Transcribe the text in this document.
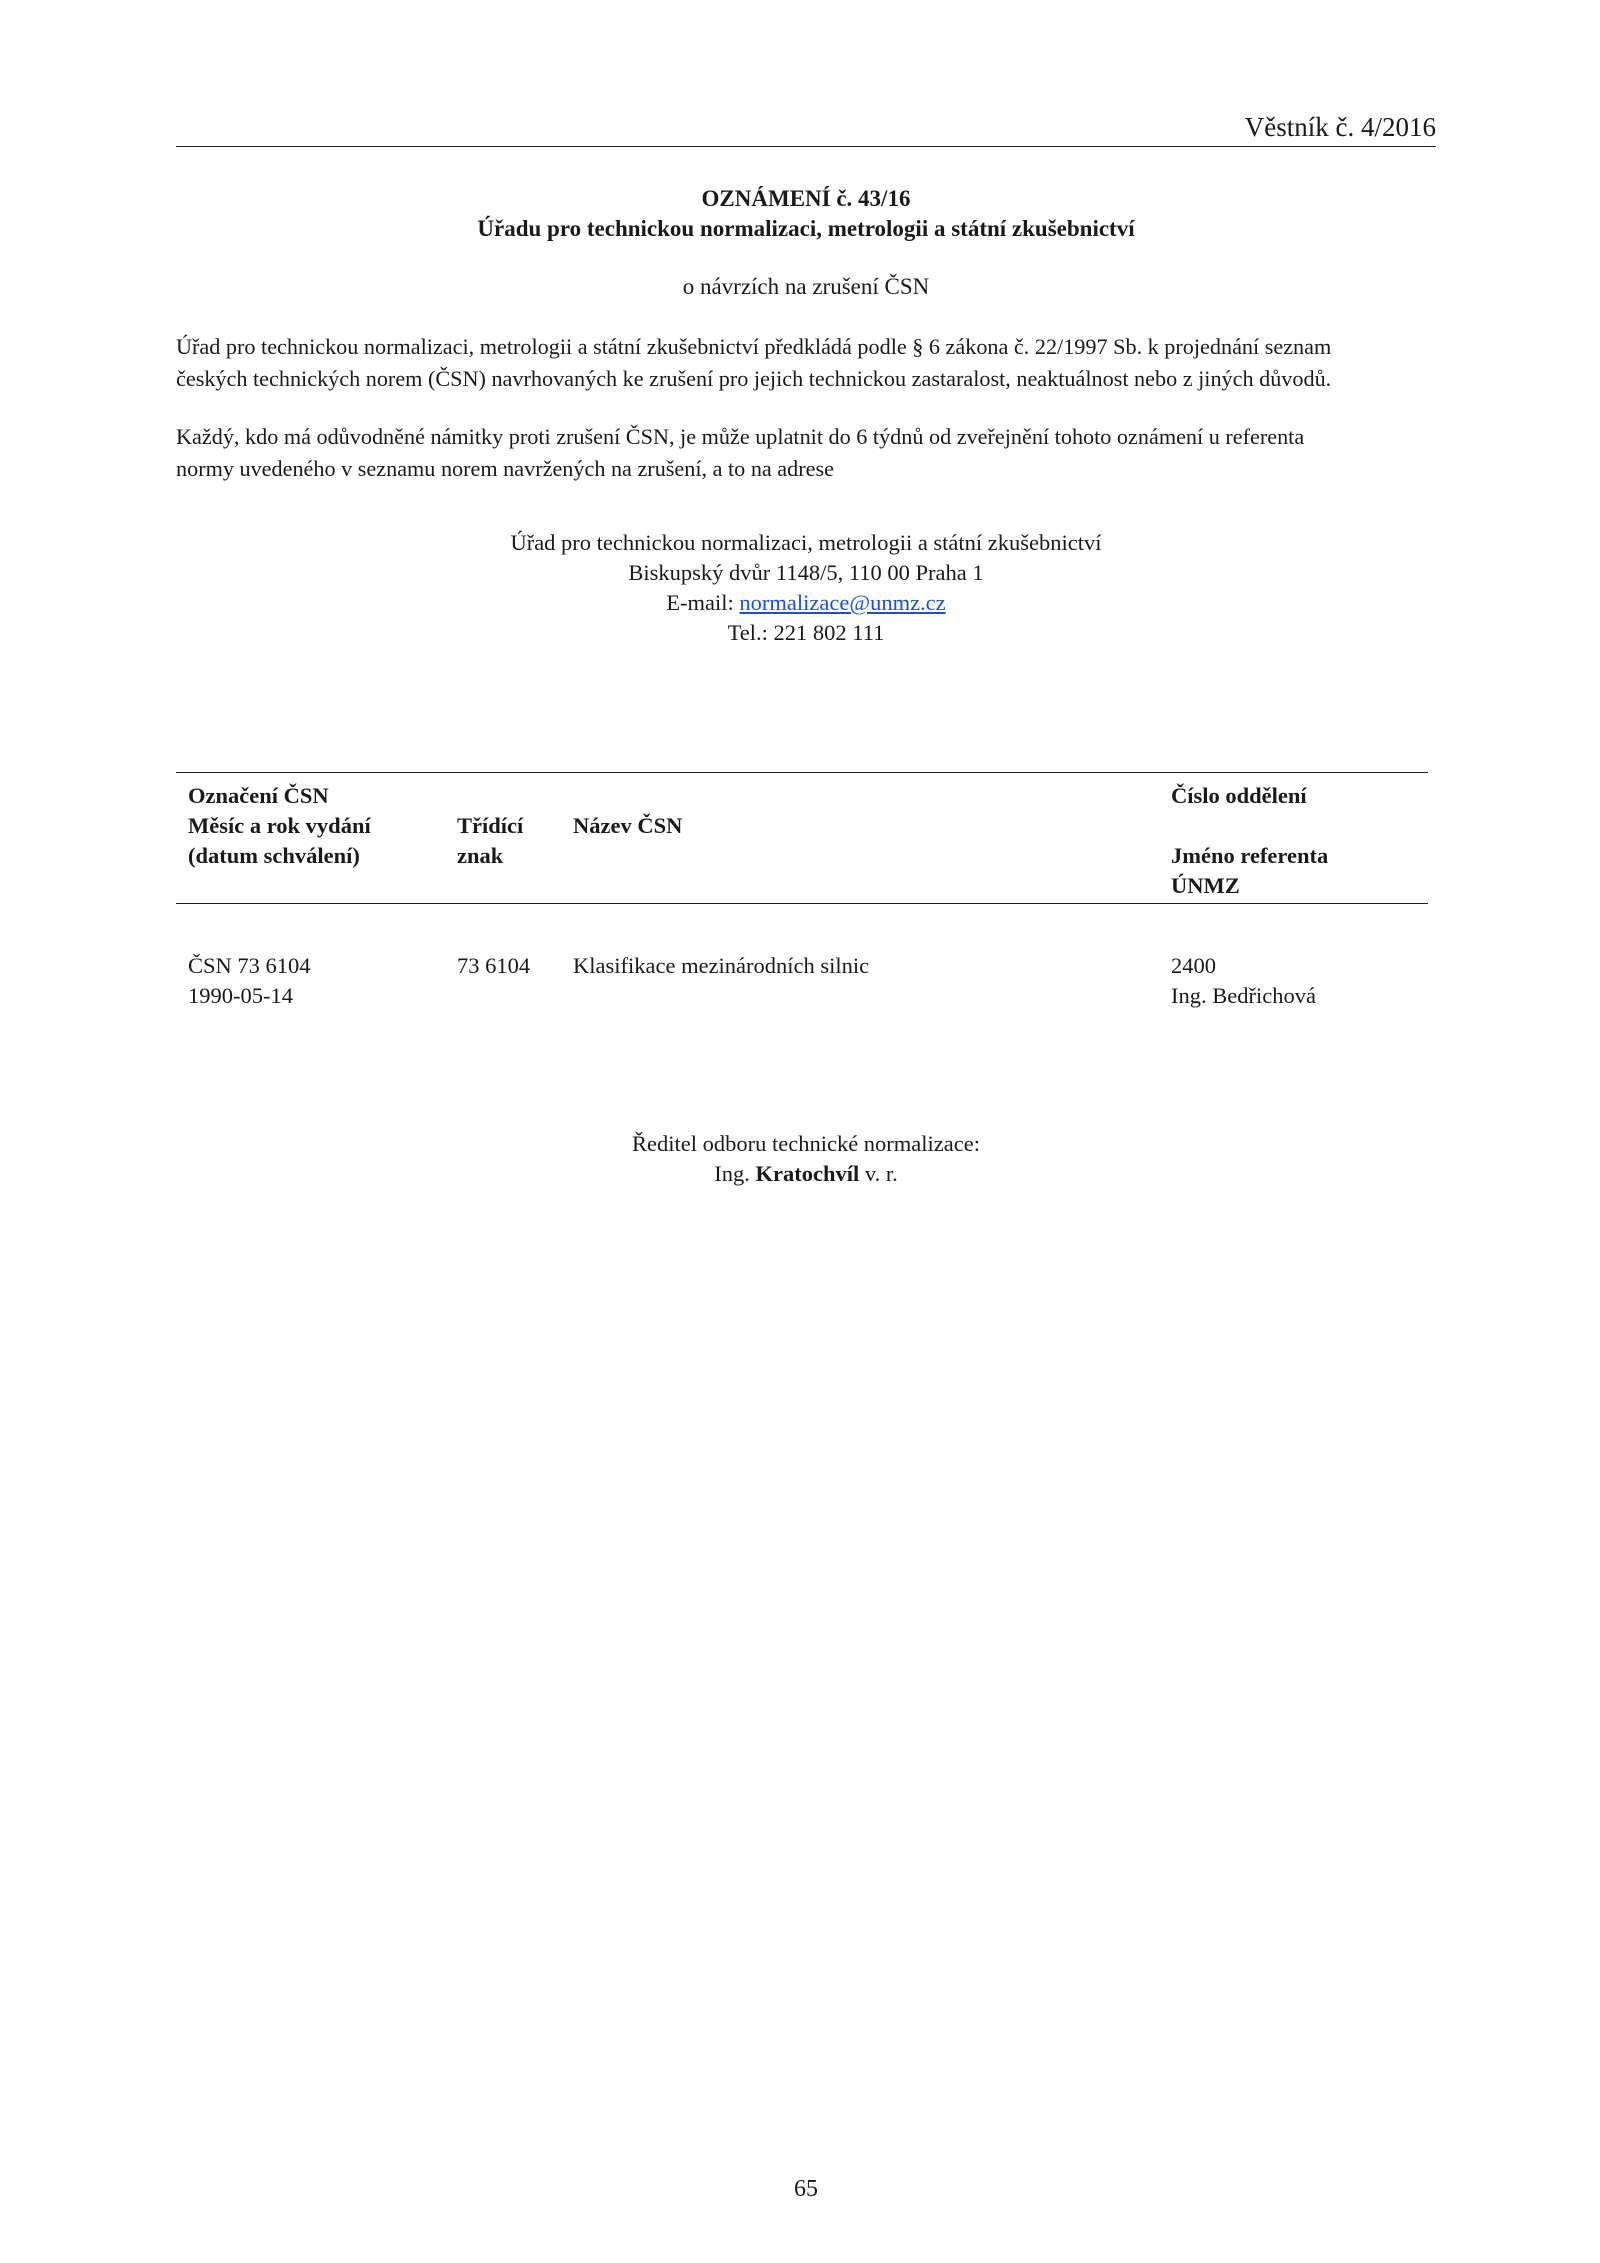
Věstník č. 4/2016
OZNÁMENÍ č. 43/16
Úřadu pro technickou normalizaci, metrologii a státní zkušebnictví
o návrzích na zrušení ČSN
Úřad pro technickou normalizaci, metrologii a státní zkušebnictví předkládá podle § 6 zákona č. 22/1997 Sb. k projednání seznam
českých technických norem (ČSN) navrhovaných ke zrušení pro jejich technickou zastaralost, neaktuálnost nebo z jiných důvodů.
Každý, kdo má odůvodněné námitky proti zrušení ČSN, je může uplatnit do 6 týdnů od zveřejnění tohoto oznámení u referenta
normy uvedeného v seznamu norem navržených na zrušení, a to na adrese
Úřad pro technickou normalizaci, metrologii a státní zkušebnictví
Biskupský dvůr 1148/5, 110 00 Praha 1
E-mail: normalizace@unmz.cz
Tel.: 221 802 111
Označení ČSN
Měsíc a rok vydání
(datum schválení)
Třídící
znak
Název ČSN
Číslo oddělení
Jméno referenta
ÚNMZ
ČSN 73 6104
1990-05-14
73 6104 Klasifikace mezinárodních silnic	2400
Ing. Bedřichová
Ředitel odboru technické normalizace:
Ing. Kratochvíl v. r.
65
